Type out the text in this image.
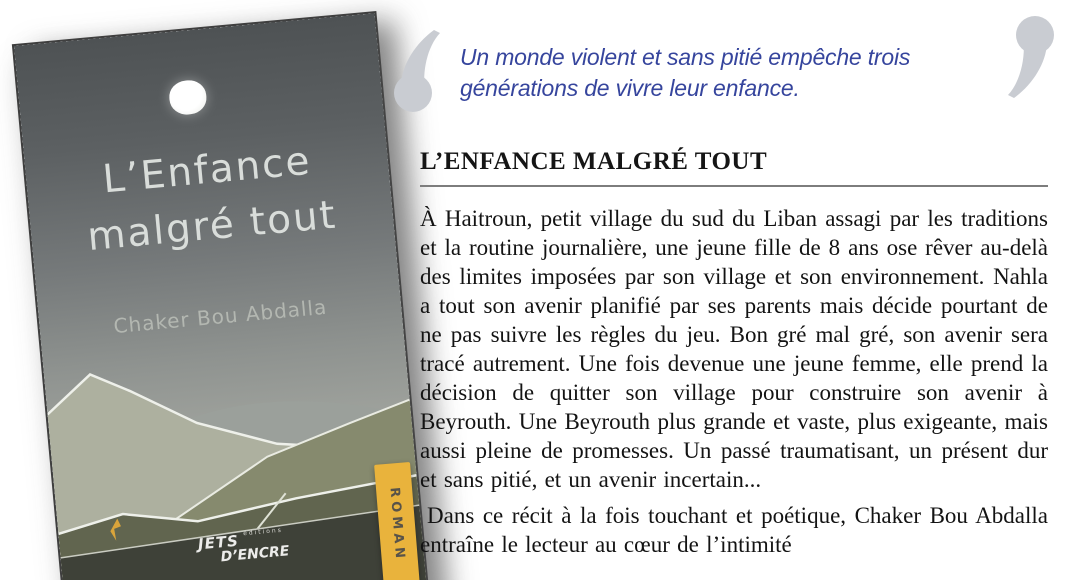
L’Enfance
malgré tout
Chaker Bou Abdalla
JETS $^{éditions}$
D’ENCRE	ROMAN

Un monde violent et sans pitié empêche trois générations de vivre leur enfance.

L’ENFANCE MALGRÉ TOUT

À Haitroun, petit village du sud du Liban assagi par les traditions et la routine journalière, une jeune fille de 8 ans ose rêver au-delà des limites imposées par son village et son environnement. Nahla a tout son avenir planifié par ses parents mais décide pourtant de ne pas suivre les règles du jeu. Bon gré mal gré, son avenir sera tracé autrement. Une fois devenue une jeune femme, elle prend la décision de quitter son village pour construire son avenir à Beyrouth. Une Beyrouth plus grande et vaste, plus exigeante, mais aussi pleine de promesses. Un passé traumatisant, un présent dur et sans pitié, et un avenir incertain...

Dans ce récit à la fois touchant et poétique, Chaker Bou Abdalla entraîne le lecteur au cœur de l’intimité
